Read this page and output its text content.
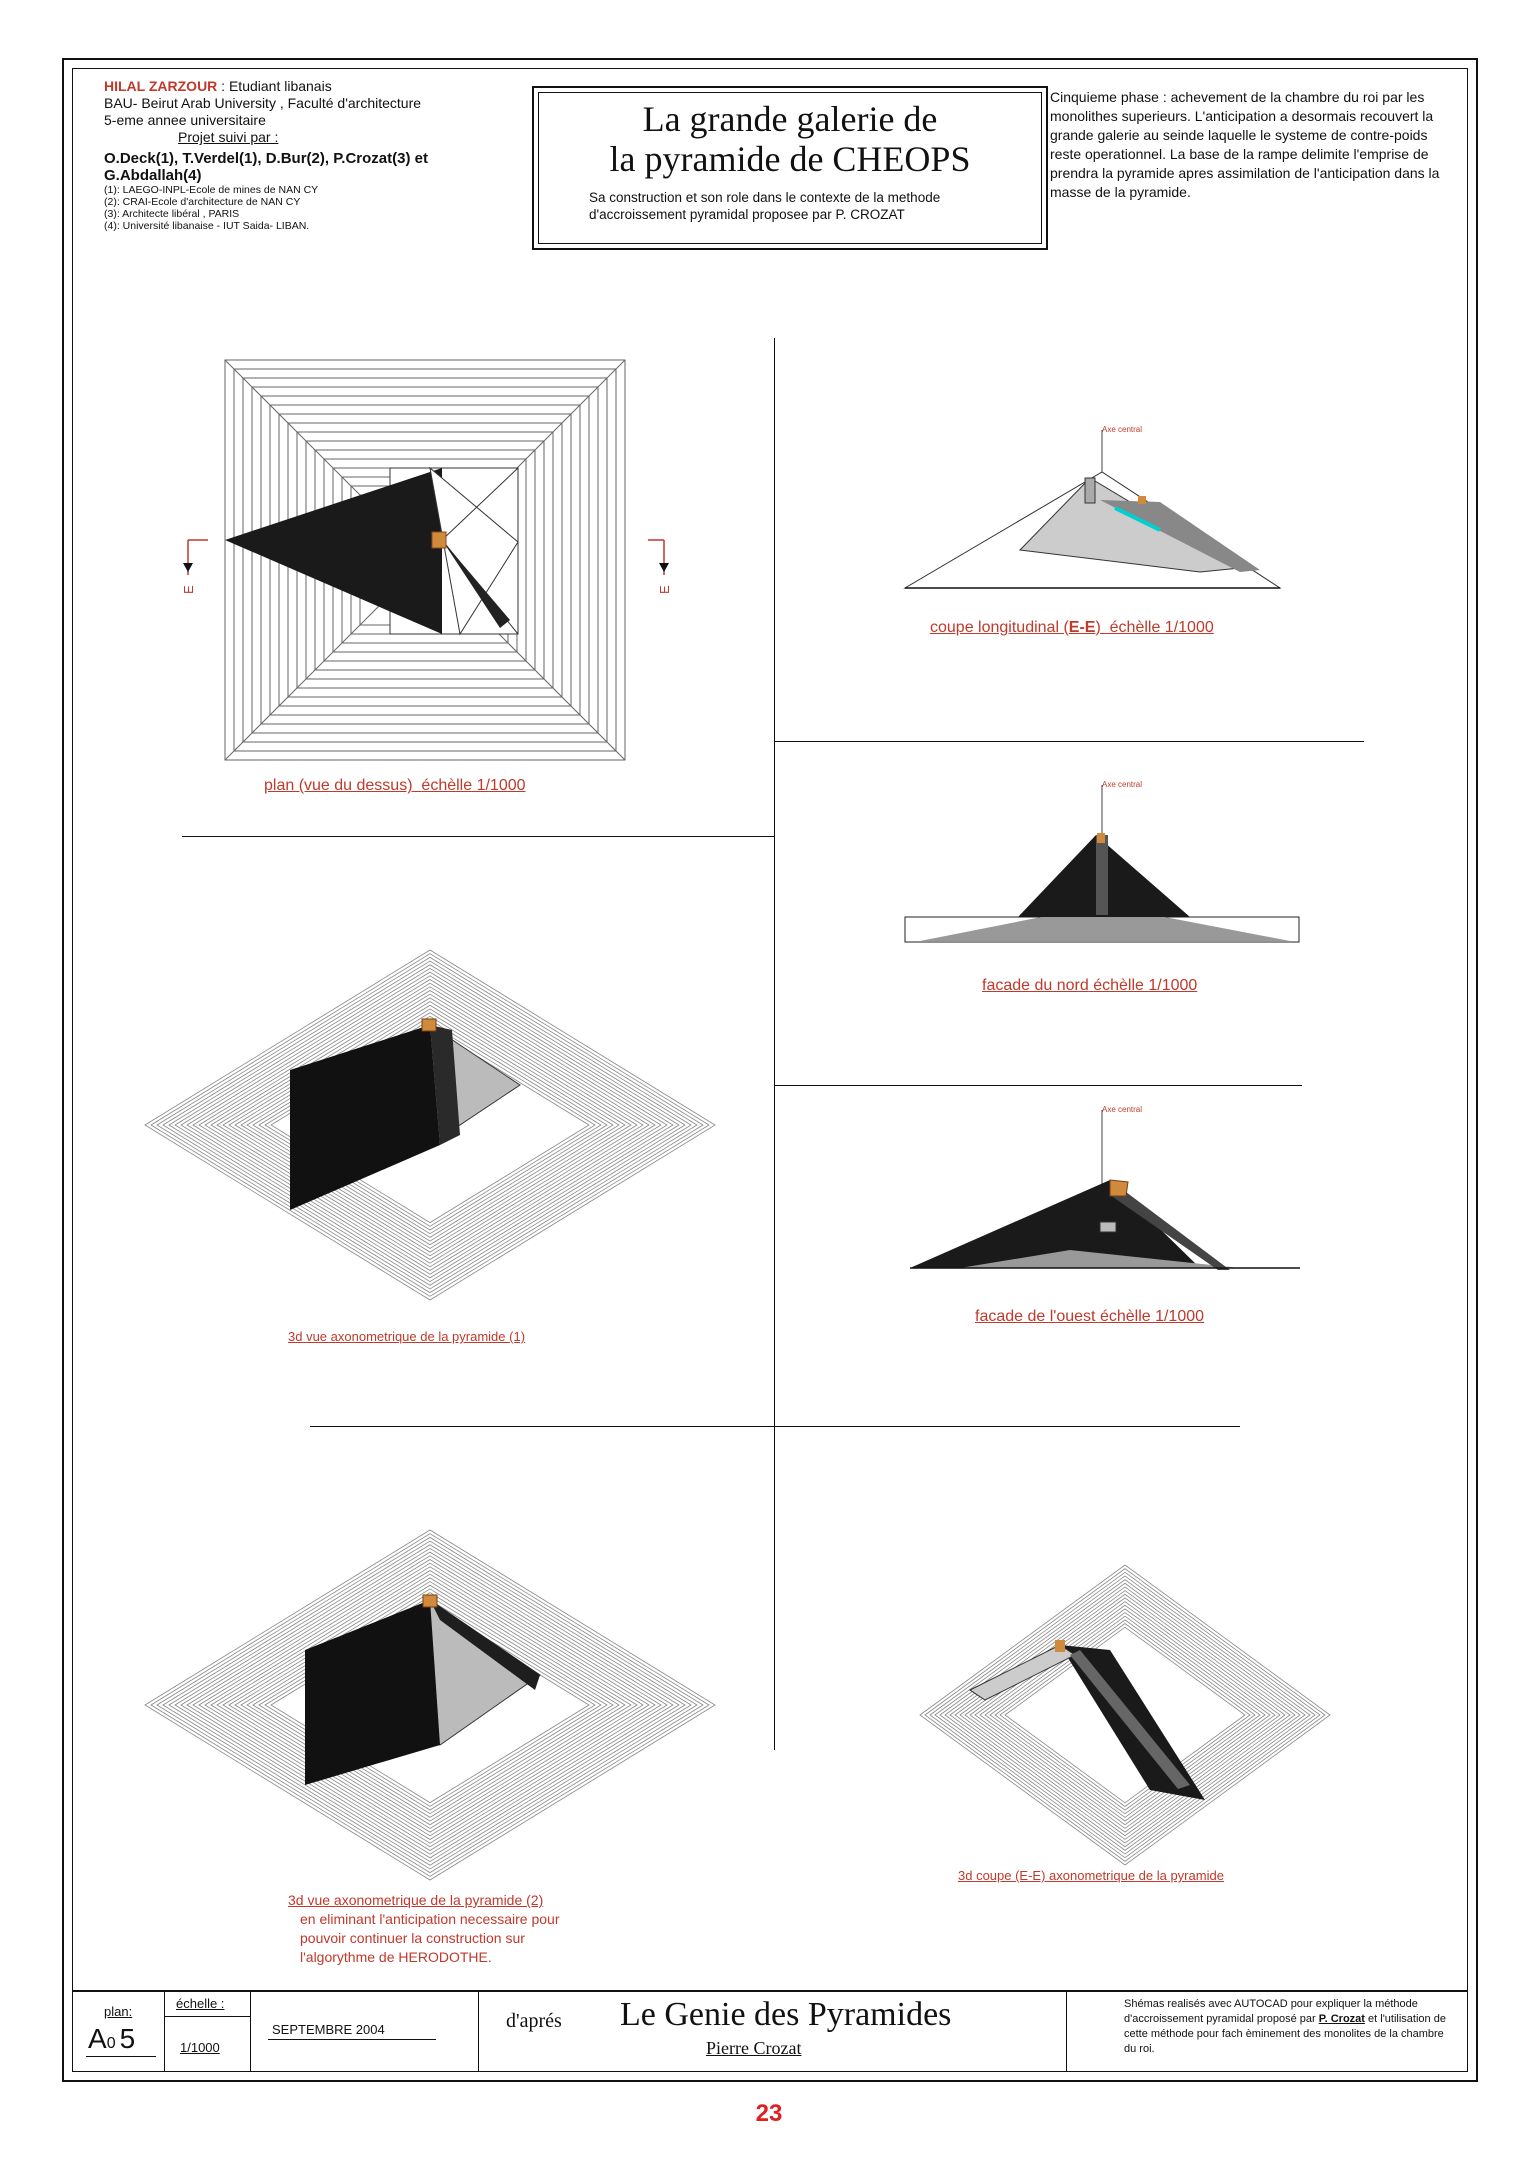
HILAL ZARZOUR : Etudiant libanais
BAU- Beirut Arab University , Faculté d'architecture
5-eme annee universitaire
Projet suivi par :
O.Deck(1), T.Verdel(1), D.Bur(2), P.Crozat(3) et G.Abdallah(4)
(1): LAEGO-INPL-Ecole de mines de NAN CY
(2): CRAI-Ecole d'architecture de NAN CY
(3): Architecte libéral , PARIS
(4): Université libanaise - IUT Saida- LIBAN.
La grande galerie de
la pyramide de CHEOPS
Sa construction et son role dans le contexte de la methode d'accroissement pyramidal proposee par P. CROZAT
Cinquieme phase : achevement de la chambre du roi par les monolithes superieurs. L'anticipation a desormais recouvert la grande galerie au seinde laquelle le systeme de contre-poids reste operationnel. La base de la rampe delimite l'emprise de prendra la pyramide apres assimilation de l'anticipation dans la masse de la pyramide.
E	E
plan (vue du dessus) échèlle 1/1000
Axe central
coupe longitudinal (E-E) échèlle 1/1000
Axe central
facade du nord échèlle 1/1000
Axe central
facade de l'ouest échèlle 1/1000
3d vue axonometrique de la pyramide (1)
3d vue axonometrique de la pyramide (2)
en eliminant l'anticipation necessaire pour
pouvoir continuer la construction sur
l'algorythme de HERODOTHE.
3d coupe (E-E) axonometrique de la pyramide
plan:
A0 5
échelle :
1/1000
SEPTEMBRE 2004	d'aprés Le Genie des Pyramides
Pierre Crozat
Shémas realisés avec AUTOCAD pour expliquer la méthode d'accroissement pyramidal proposé par P. Crozat et l'utilisation de cette méthode pour fach èminement des monolites de la chambre du roi.
23
